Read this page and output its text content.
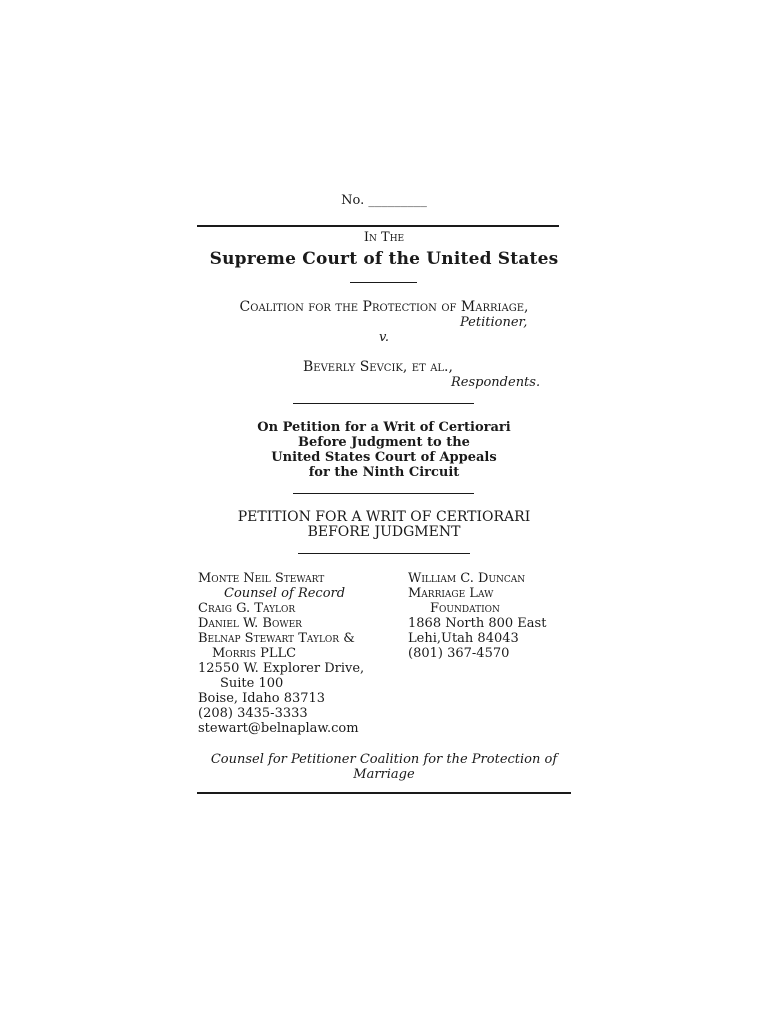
No. _________
In The
Supreme Court of the United States
Coalition for the Protection of Marriage,
Petitioner,
v.
Beverly Sevcik, et al.,
Respondents.
On Petition for a Writ of Certiorari
Before Judgment to the
United States Court of Appeals
for the Ninth Circuit
PETITION FOR A WRIT OF CERTIORARI
BEFORE JUDGMENT
Monte Neil Stewart
Counsel of Record
Craig G. Taylor
Daniel W. Bower
Belnap Stewart Taylor &
Morris PLLC
12550 W. Explorer Drive,
Suite 100
Boise, Idaho 83713
(208) 3435-3333
stewart@belnaplaw.com
William C. Duncan
Marriage Law
Foundation
1868 North 800 East
Lehi,Utah 84043
(801) 367-4570
Counsel for Petitioner Coalition for the Protection of
Marriage
